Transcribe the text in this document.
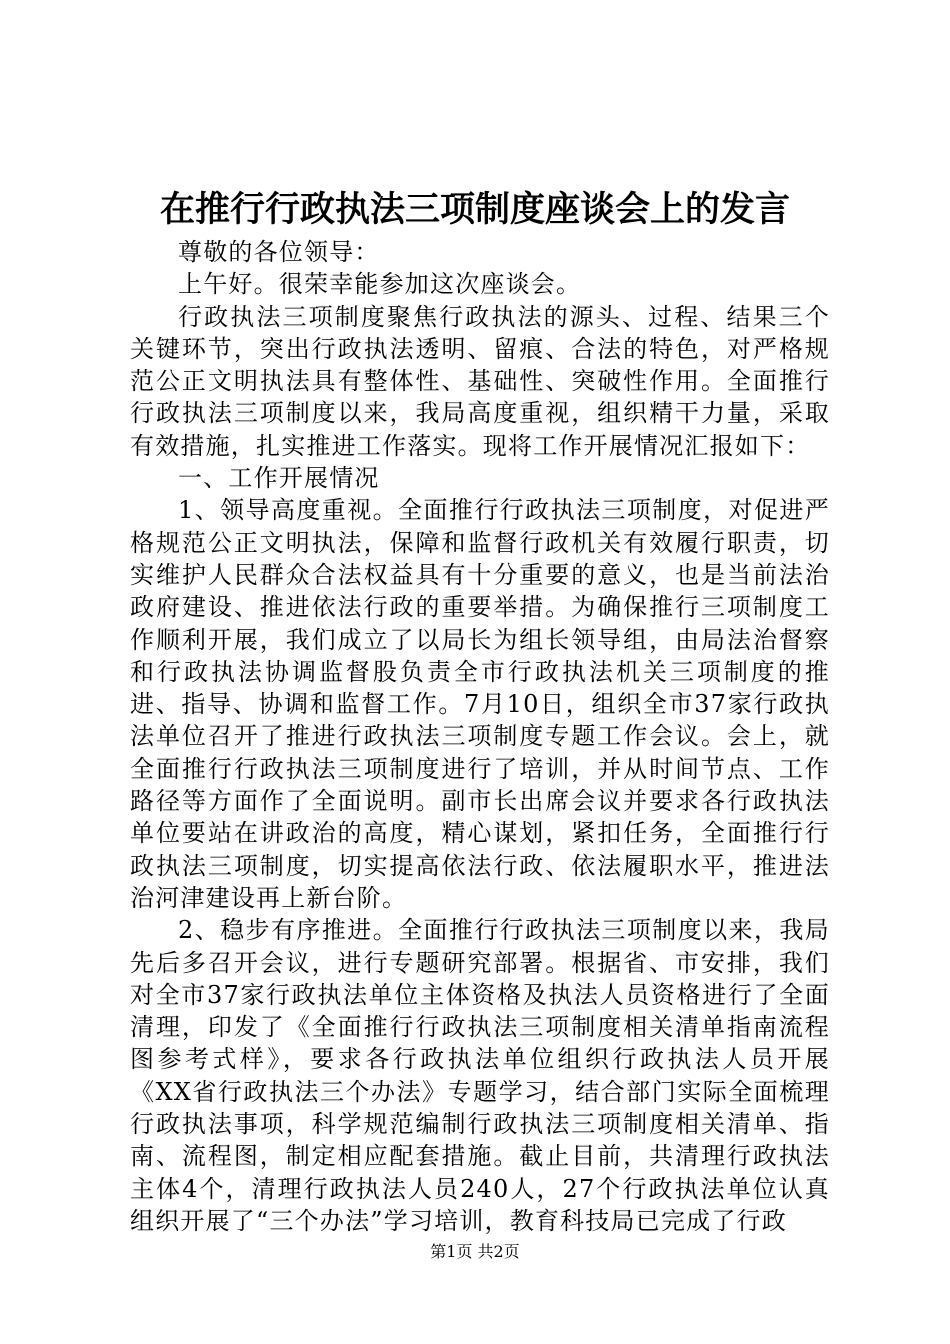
在推行行政执法三项制度座谈会上的发言

尊敬的各位领导：

上午好。很荣幸能参加这次座谈会。

行政执法三项制度聚焦行政执法的源头、过程、结果三个关键环节，突出行政执法透明、留痕、合法的特色，对严格规范公正文明执法具有整体性、基础性、突破性作用。全面推行行政执法三项制度以来，我局高度重视，组织精干力量，采取有效措施，扎实推进工作落实。现将工作开展情况汇报如下：

一、工作开展情况

1、领导高度重视。全面推行行政执法三项制度，对促进严格规范公正文明执法，保障和监督行政机关有效履行职责，切实维护人民群众合法权益具有十分重要的意义，也是当前法治政府建设、推进依法行政的重要举措。为确保推行三项制度工作顺利开展，我们成立了以局长为组长领导组，由局法治督察和行政执法协调监督股负责全市行政执法机关三项制度的推进、指导、协调和监督工作。7月10日，组织全市37家行政执法单位召开了推进行政执法三项制度专题工作会议。会上，就全面推行行政执法三项制度进行了培训，并从时间节点、工作路径等方面作了全面说明。副市长出席会议并要求各行政执法单位要站在讲政治的高度，精心谋划，紧扣任务，全面推行行政执法三项制度，切实提高依法行政、依法履职水平，推进法治河津建设再上新台阶。

2、稳步有序推进。全面推行行政执法三项制度以来，我局先后多召开会议，进行专题研究部署。根据省、市安排，我们对全市37家行政执法单位主体资格及执法人员资格进行了全面清理，印发了《全面推行行政执法三项制度相关清单指南流程图参考式样》，要求各行政执法单位组织行政执法人员开展《XX省行政执法三个办法》专题学习，结合部门实际全面梳理行政执法事项，科学规范编制行政执法三项制度相关清单、指南、流程图，制定相应配套措施。截止目前，共清理行政执法主体4个，清理行政执法人员240人，27个行政执法单位认真组织开展了“三个办法”学习培训，教育科技局已完成了行政

第1页 共2页
